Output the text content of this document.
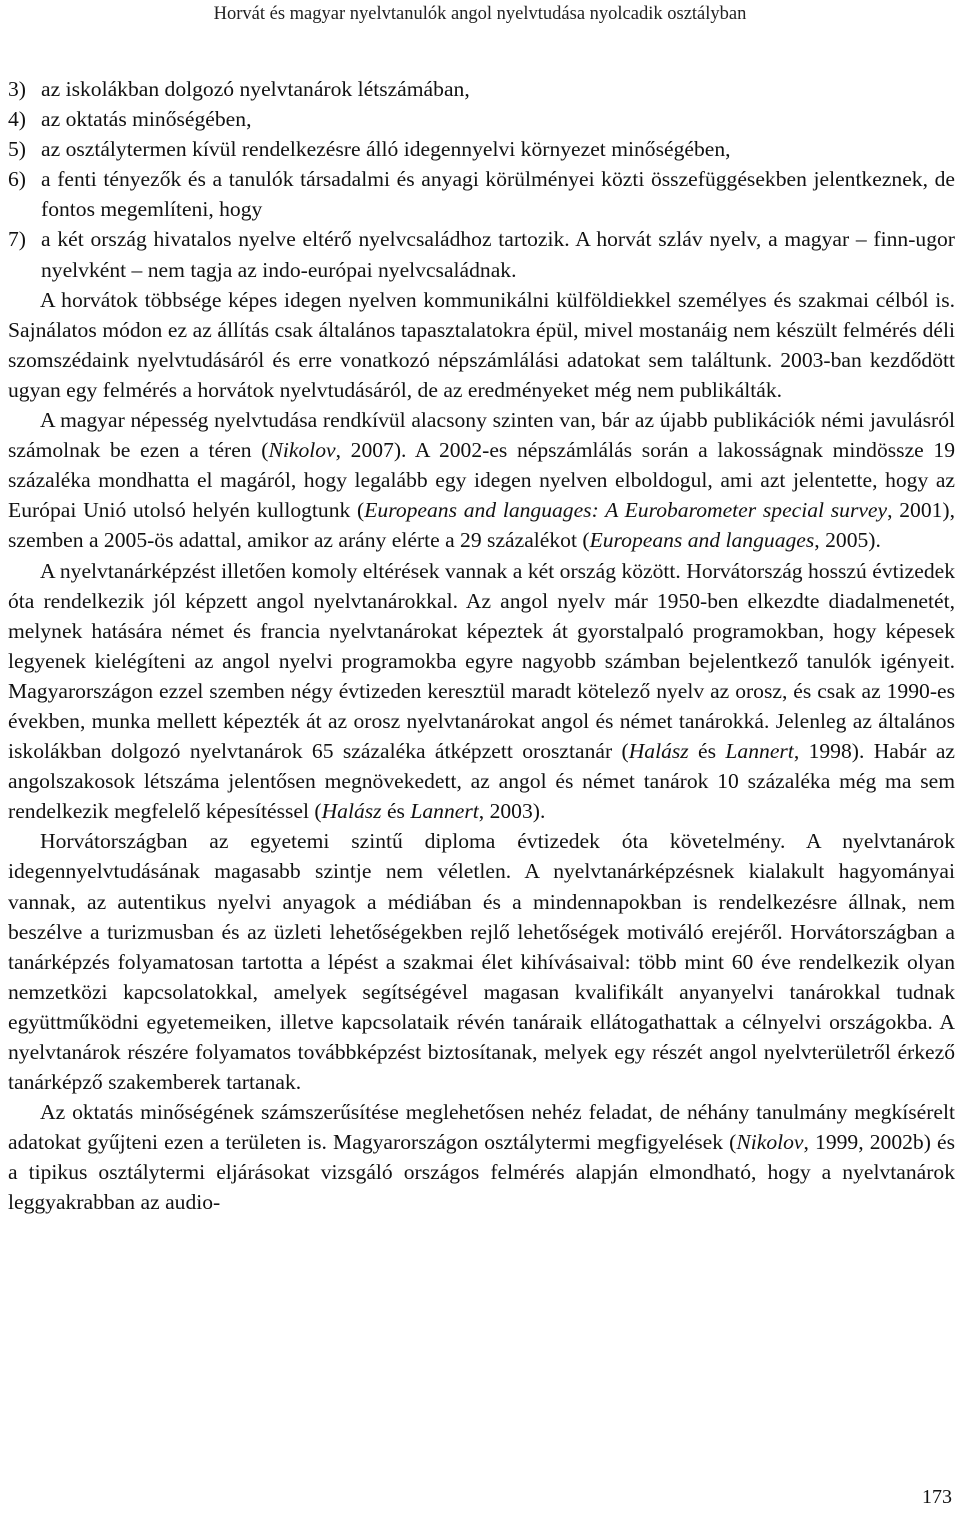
Horvát és magyar nyelvtanulók angol nyelvtudása nyolcadik osztályban
3) az iskolákban dolgozó nyelvtanárok létszámában,
4) az oktatás minőségében,
5) az osztálytermen kívül rendelkezésre álló idegennyelvi környezet minőségében,
6) a fenti tényezők és a tanulók társadalmi és anyagi körülményei közti összefüggésekben jelentkeznek, de fontos megemlíteni, hogy
7) a két ország hivatalos nyelve eltérő nyelvcsaládhoz tartozik. A horvát szláv nyelv, a magyar – finn-ugor nyelvként – nem tagja az indo-európai nyelvcsaládnak.

A horvátok többsége képes idegen nyelven kommunikálni külföldiekkel személyes és szakmai célból is. Sajnálatos módon ez az állítás csak általános tapasztalatokra épül, mivel mostanáig nem készült felmérés déli szomszédaink nyelvtudásáról és erre vonatkozó népszámlálási adatokat sem találtunk. 2003-ban kezdődött ugyan egy felmérés a horvátok nyelvtudásáról, de az eredményeket még nem publikálták.

A magyar népesség nyelvtudása rendkívül alacsony szinten van, bár az újabb publikációk némi javulásról számolnak be ezen a téren (Nikolov, 2007). A 2002-es népszámlálás során a lakosságnak mindössze 19 százaléka mondhatta el magáról, hogy legalább egy idegen nyelven elboldogul, ami azt jelentette, hogy az Európai Unió utolsó helyén kullogtunk (Europeans and languages: A Eurobarometer special survey, 2001), szemben a 2005-ös adattal, amikor az arány elérte a 29 százalékot (Europeans and languages, 2005).

A nyelvtanárképzést illetően komoly eltérések vannak a két ország között. Horvátország hosszú évtizedek óta rendelkezik jól képzett angol nyelvtanárokkal. Az angol nyelv már 1950-ben elkezdte diadalmenetét, melynek hatására német és francia nyelvtanárokat képeztek át gyorstalpaló programokban, hogy képesek legyenek kielégíteni az angol nyelvi programokba egyre nagyobb számban bejelentkező tanulók igényeit. Magyarországon ezzel szemben négy évtizeden keresztül maradt kötelező nyelv az orosz, és csak az 1990-es években, munka mellett képezték át az orosz nyelvtanárokat angol és német tanárokká. Jelenleg az általános iskolákban dolgozó nyelvtanárok 65 százaléka átképzett orosztanár (Halász és Lannert, 1998). Habár az angolszakosok létszáma jelentősen megnövekedett, az angol és német tanárok 10 százaléka még ma sem rendelkezik megfelelő képesítéssel (Halász és Lannert, 2003).

Horvátországban az egyetemi szintű diploma évtizedek óta követelmény. A nyelvtanárok idegennyelvtudásának magasabb szintje nem véletlen. A nyelvtanárképzésnek kialakult hagyományai vannak, az autentikus nyelvi anyagok a médiában és a mindennapokban is rendelkezésre állnak, nem beszélve a turizmusban és az üzleti lehetőségekben rejlő lehetőségek motiváló erejéről. Horvátországban a tanárképzés folyamatosan tartotta a lépést a szakmai élet kihívásaival: több mint 60 éve rendelkezik olyan nemzetközi kapcsolatokkal, amelyek segítségével magasan kvalifikált anyanyelvi tanárokkal tudnak együttműködni egyetemeiken, illetve kapcsolataik révén tanáraik ellátogathattak a célnyelvi országokba. A nyelvtanárok részére folyamatos továbbképzést biztosítanak, melyek egy részét angol nyelvterületről érkező tanárképző szakemberek tartanak.

Az oktatás minőségének számszerűsítése meglehetősen nehéz feladat, de néhány tanulmány megkísérelt adatokat gyűjteni ezen a területen is. Magyarországon osztálytermi megfigyelések (Nikolov, 1999, 2002b) és a tipikus osztálytermi eljárásokat vizsgáló országos felmérés alapján elmondható, hogy a nyelvtanárok leggyakrabban az audio-

173
